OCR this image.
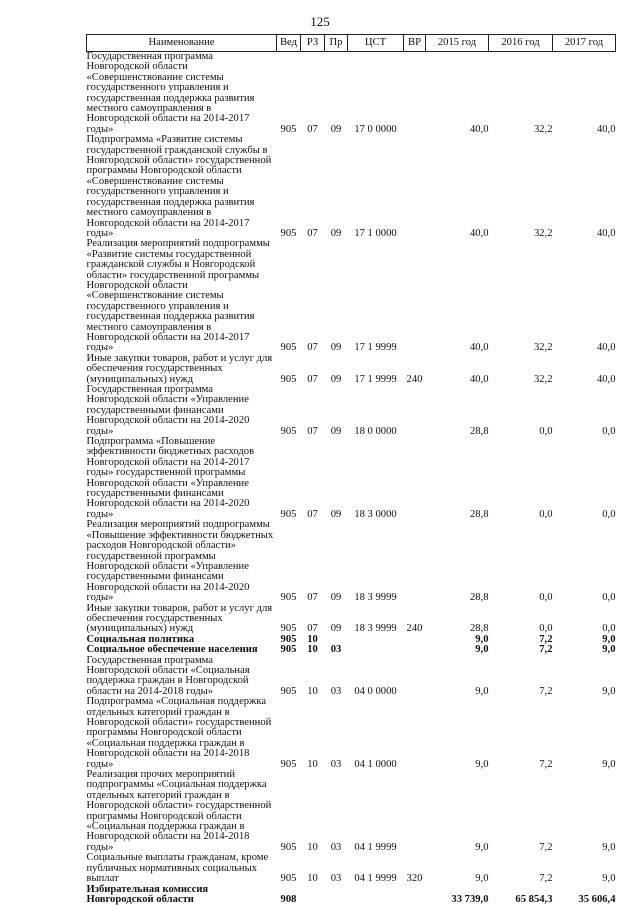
125
Наименование	Вед	РЗ	Пр	ЦСТ	ВР	2015 год	2016 год	2017 год
Государственная программа Новгородской области «Совершенствование системы государственного управления и государственная поддержка развития местного самоуправления в Новгородской области на 2014-2017 годы»	905	07	09	17 0 0000		40,0	32,2	40,0
Подпрограмма «Развитие системы государственной гражданской службы в Новгородской области» государственной программы Новгородской области «Совершенствование системы государственного управления и государственная поддержка развития местного самоуправления в Новгородской области на 2014-2017 годы»	905	07	09	17 1 0000		40,0	32,2	40,0
Реализация мероприятий подпрограммы «Развитие системы государственной гражданской службы в Новгородской области» государственной программы Новгородской области «Совершенствование системы государственного управления и государственная поддержка развития местного самоуправления в Новгородской области на 2014-2017 годы»	905	07	09	17 1 9999		40,0	32,2	40,0
Иные закупки товаров, работ и услуг для обеспечения государственных (муниципальных) нужд	905	07	09	17 1 9999	240	40,0	32,2	40,0
Государственная программа Новгородской области «Управление государственными финансами Новгородской области на 2014-2020 годы»	905	07	09	18 0 0000		28,8	0,0	0,0
Подпрограмма «Повышение эффективности бюджетных расходов Новгородской области на 2014-2017 годы» государственной программы Новгородской области «Управление государственными финансами Новгородской области на 2014-2020 годы»	905	07	09	18 3 0000		28,8	0,0	0,0
Реализация мероприятий подпрограммы «Повышение эффективности бюджетных расходов Новгородской области» государственной программы Новгородской области «Управление государственными финансами Новгородской области на 2014-2020 годы»	905	07	09	18 3 9999		28,8	0,0	0,0
Иные закупки товаров, работ и услуг для обеспечения государственных (муниципальных) нужд	905	07	09	18 3 9999	240	28,8	0,0	0,0
Социальная политика	905	10				9,0	7,2	9,0
Социальное обеспечение населения	905	10	03			9,0	7,2	9,0
Государственная программа Новгородской области «Социальная поддержка граждан в Новгородской области на 2014-2018 годы»	905	10	03	04 0 0000		9,0	7,2	9,0
Подпрограмма «Социальная поддержка отдельных категорий граждан в Новгородской области» государственной программы Новгородской области «Социальная поддержка граждан в Новгородской области на 2014-2018 годы»	905	10	03	04 1 0000		9,0	7,2	9,0
Реализация прочих мероприятий подпрограммы «Социальная поддержка отдельных категорий граждан в Новгородской области» государственной программы Новгородской области «Социальная поддержка граждан в Новгородской области на 2014-2018 годы»	905	10	03	04 1 9999		9,0	7,2	9,0
Социальные выплаты гражданам, кроме публичных нормативных социальных выплат	905	10	03	04 1 9999	320	9,0	7,2	9,0
Избирательная комиссия Новгородской области	908					33 739,0	65 854,3	35 606,4
